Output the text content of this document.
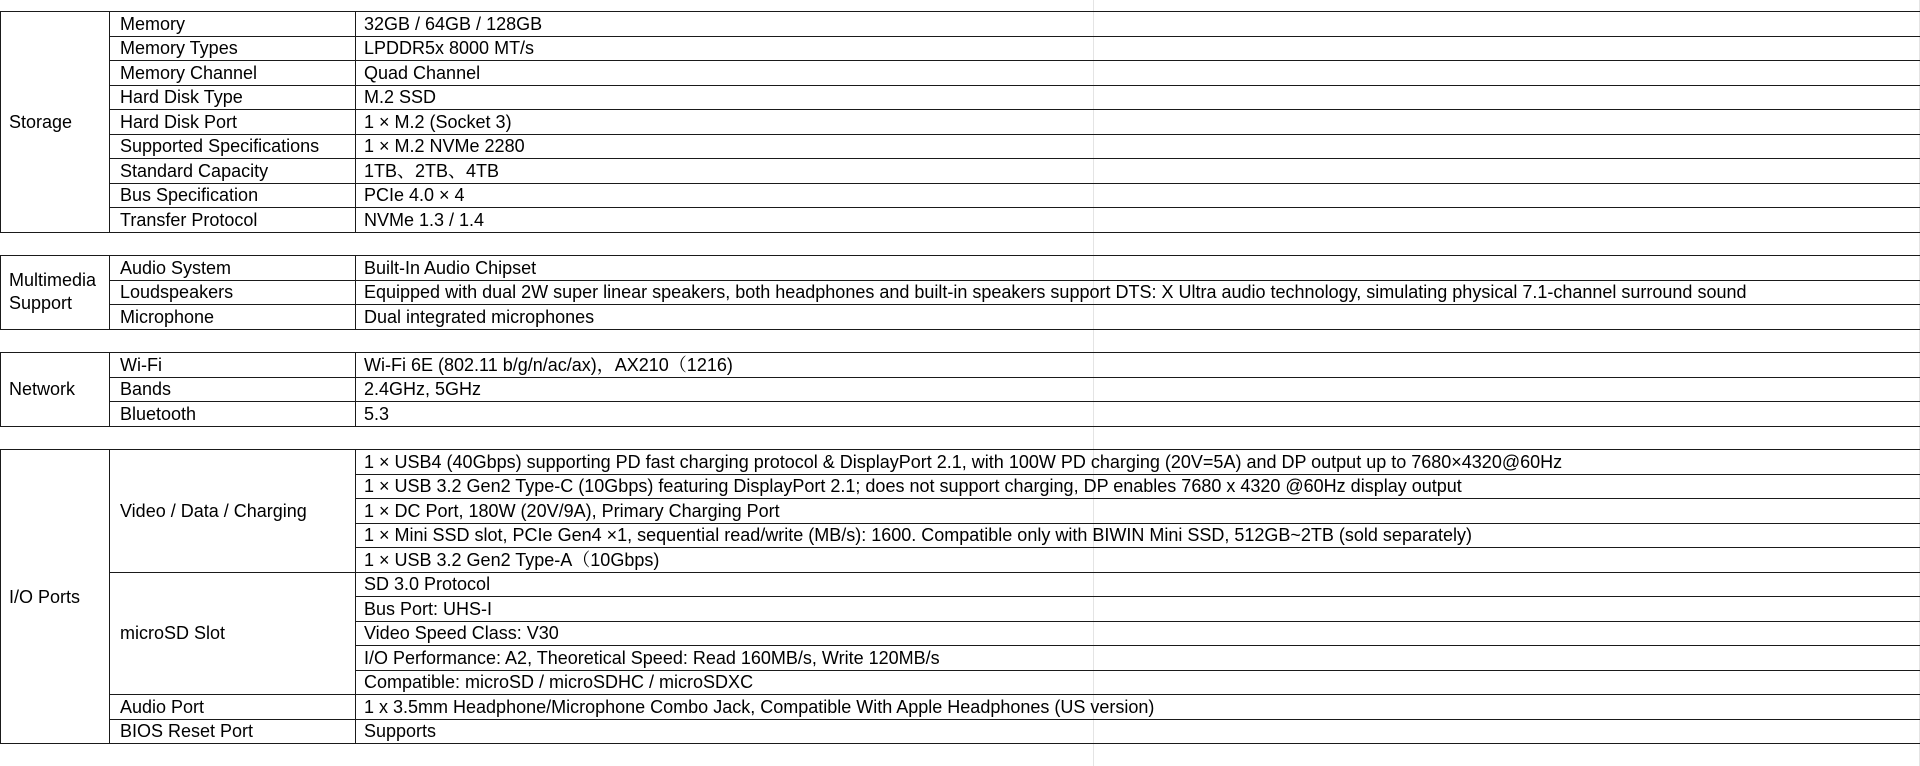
Storage	Memory	32GB / 64GB / 128GB
	Memory Types	LPDDR5x 8000 MT/s
	Memory Channel	Quad Channel
	Hard Disk Type	M.2 SSD
	Hard Disk Port	1 × M.2 (Socket 3)
	Supported Specifications	1 × M.2 NVMe 2280
	Standard Capacity	1TB、2TB、4TB
	Bus Specification	PCIe 4.0 × 4
	Transfer Protocol	NVMe 1.3 / 1.4

Multimedia Support	Audio System	Built-In Audio Chipset
	Loudspeakers	Equipped with dual 2W super linear speakers, both headphones and built-in speakers support DTS: X Ultra audio technology, simulating physical 7.1-channel surround sound
	Microphone	Dual integrated microphones

Network	Wi-Fi	Wi-Fi 6E (802.11 b/g/n/ac/ax)，AX210（1216)
	Bands	2.4GHz, 5GHz
	Bluetooth	5.3

I/O Ports	Video / Data / Charging	1 × USB4 (40Gbps) supporting PD fast charging protocol & DisplayPort 2.1, with 100W PD charging (20V=5A) and DP output up to 7680×4320@60Hz
		1 × USB 3.2 Gen2 Type-C (10Gbps) featuring DisplayPort 2.1; does not support charging, DP enables 7680 x 4320 @60Hz display output
		1 × DC Port, 180W (20V/9A), Primary Charging Port
		1 × Mini SSD slot, PCIe Gen4 ×1, sequential read/write (MB/s): 1600. Compatible only with BIWIN Mini SSD, 512GB~2TB (sold separately)
		1 × USB 3.2 Gen2 Type-A（10Gbps)
	microSD Slot	SD 3.0 Protocol
		Bus Port: UHS-I
		Video Speed Class: V30
		I/O Performance: A2, Theoretical Speed: Read 160MB/s, Write 120MB/s
		Compatible: microSD / microSDHC / microSDXC
	Audio Port	1 x 3.5mm Headphone/Microphone Combo Jack, Compatible With Apple Headphones (US version)
	BIOS Reset Port	Supports
